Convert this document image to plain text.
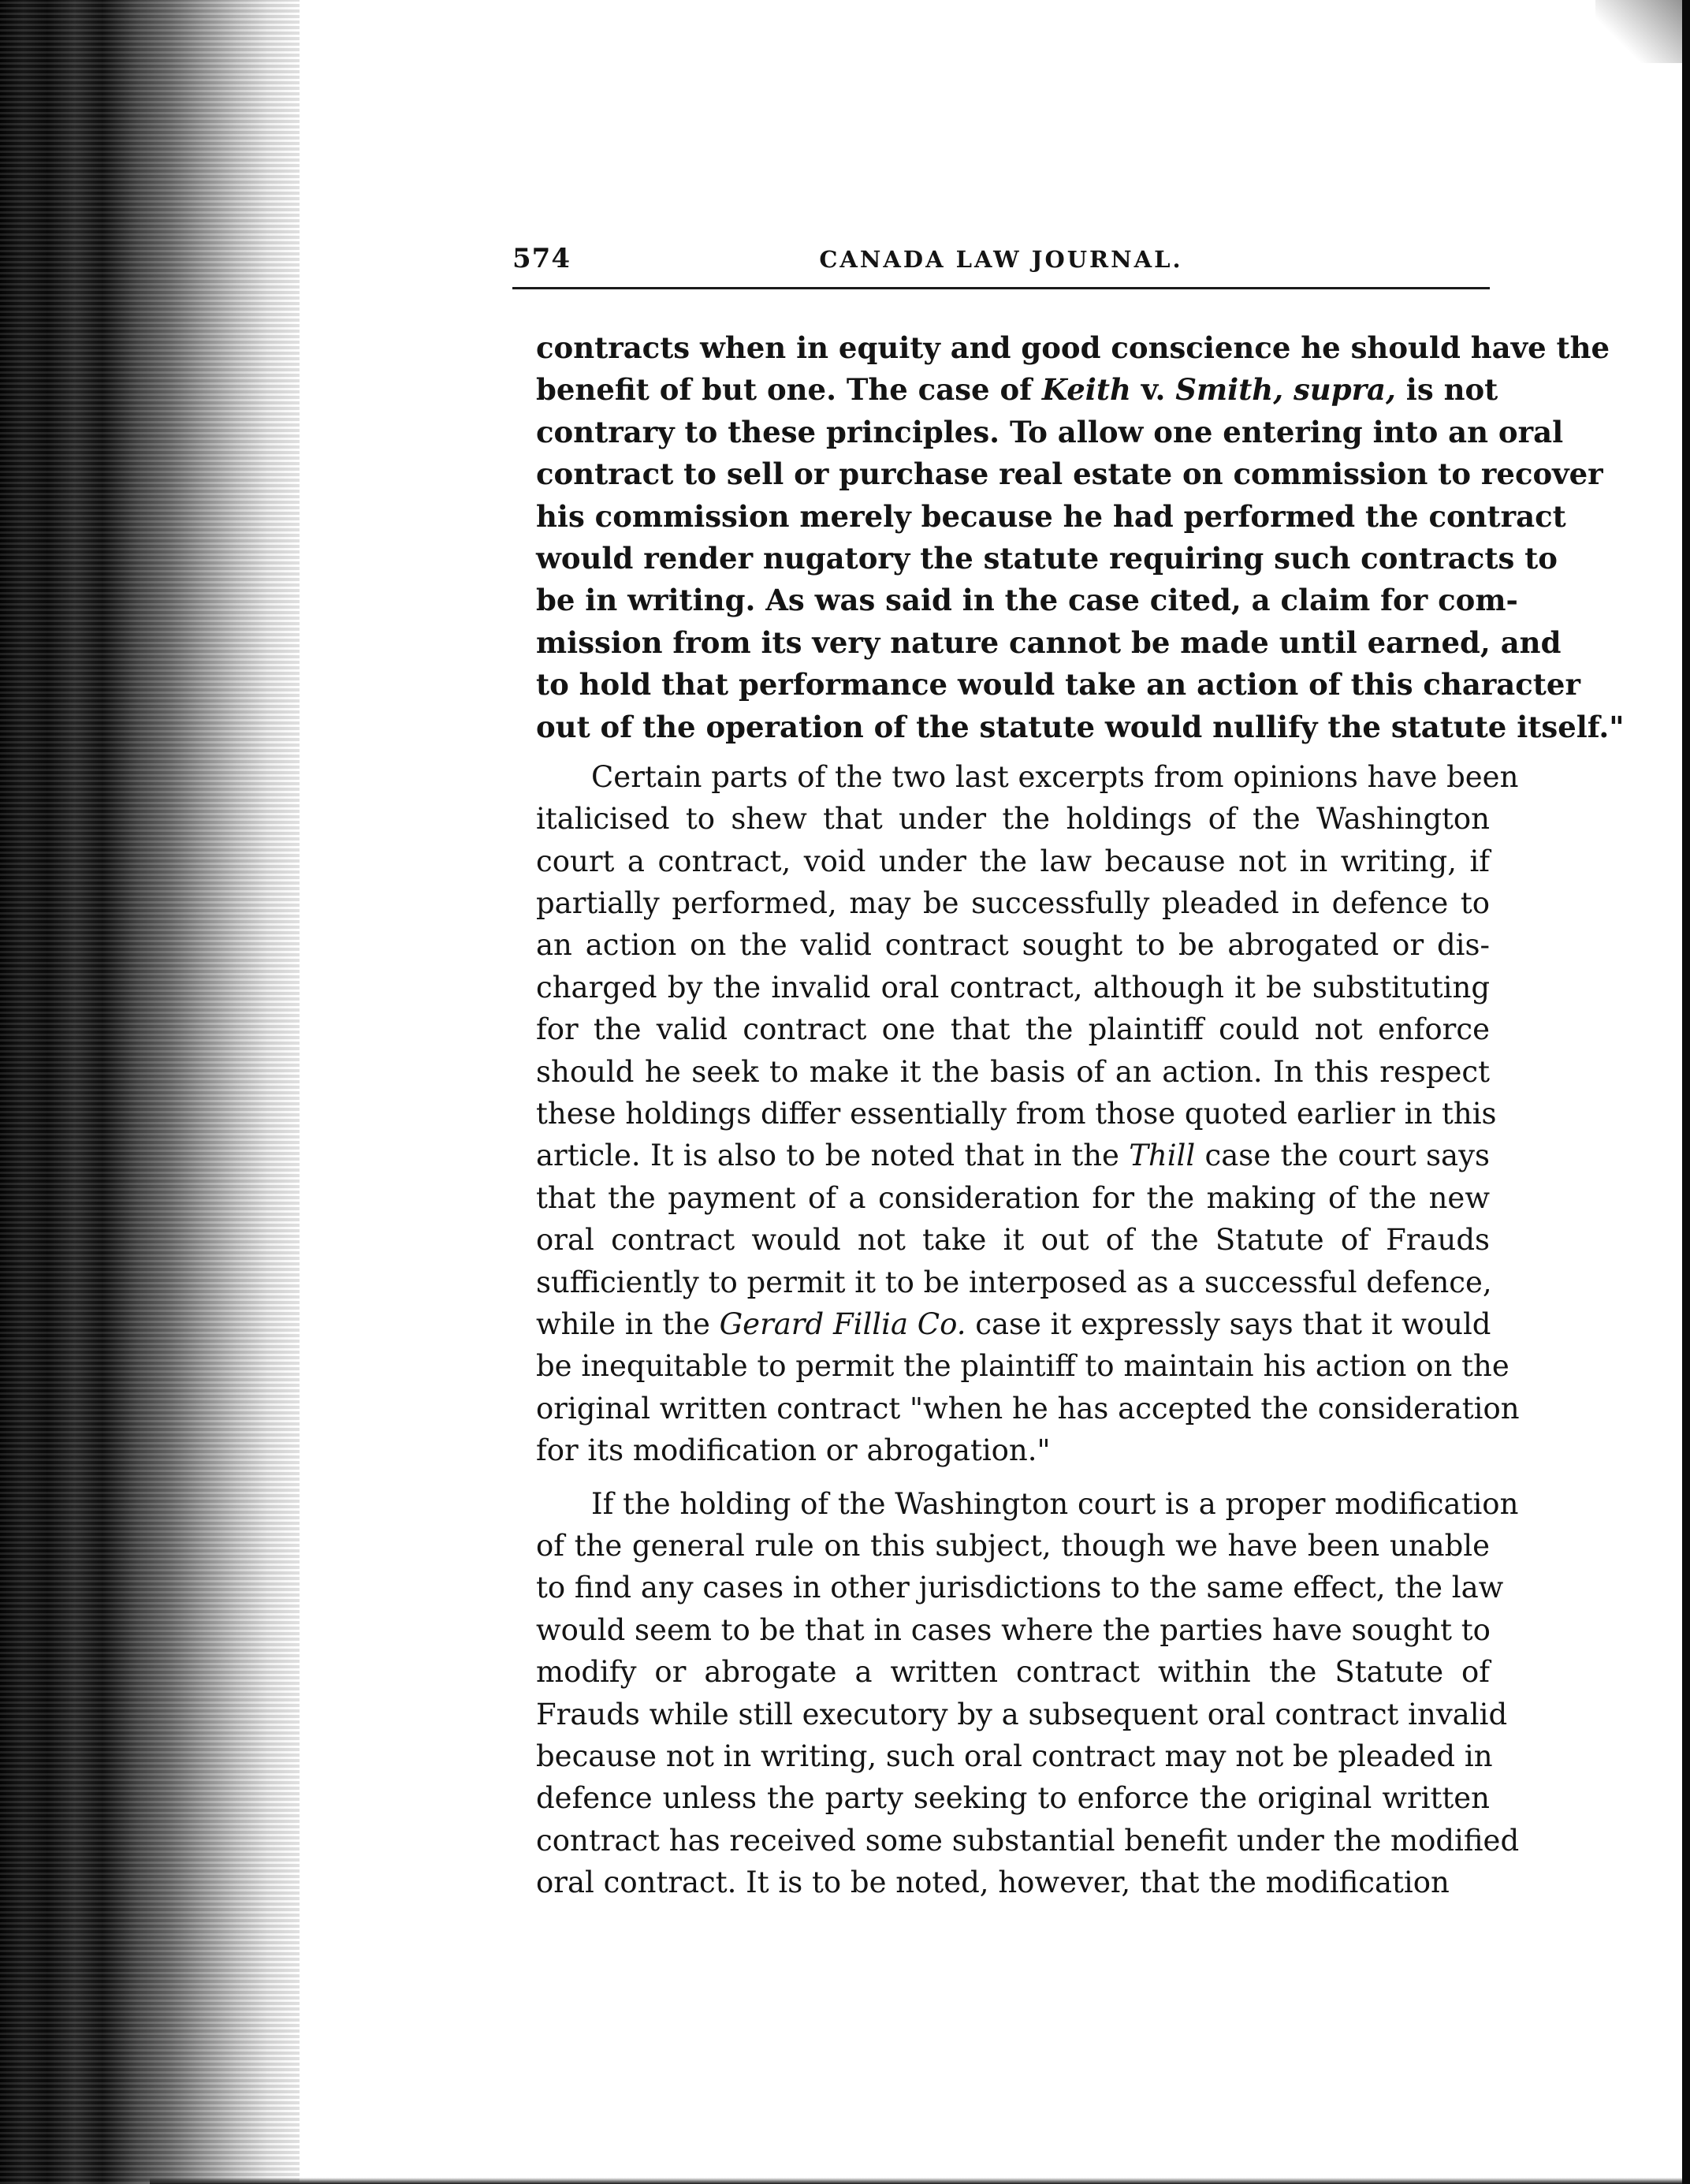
574	CANADA LAW JOURNAL.
contracts when in equity and good conscience he should have the
benefit of but one. The case of Keith v. Smith, supra, is not
contrary to these principles. To allow one entering into an oral
contract to sell or purchase real estate on commission to recover
his commission merely because he had performed the contract
would render nugatory the statute requiring such contracts to
be in writing. As was said in the case cited, a claim for com-
mission from its very nature cannot be made until earned, and
to hold that performance would take an action of this character
out of the operation of the statute would nullify the statute itself."
Certain parts of the two last excerpts from opinions have been
italicised to shew that under the holdings of the Washington
court a contract, void under the law because not in writing, if
partially performed, may be successfully pleaded in defence to
an action on the valid contract sought to be abrogated or dis-
charged by the invalid oral contract, although it be substituting
for the valid contract one that the plaintiff could not enforce
should he seek to make it the basis of an action. In this respect
these holdings differ essentially from those quoted earlier in this
article. It is also to be noted that in the Thill case the court says
that the payment of a consideration for the making of the new
oral contract would not take it out of the Statute of Frauds
sufficiently to permit it to be interposed as a successful defence,
while in the Gerard Fillia Co. case it expressly says that it would
be inequitable to permit the plaintiff to maintain his action on the
original written contract "when he has accepted the consideration
for its modification or abrogation."
If the holding of the Washington court is a proper modification
of the general rule on this subject, though we have been unable
to find any cases in other jurisdictions to the same effect, the law
would seem to be that in cases where the parties have sought to
modify or abrogate a written contract within the Statute of
Frauds while still executory by a subsequent oral contract invalid
because not in writing, such oral contract may not be pleaded in
defence unless the party seeking to enforce the original written
contract has received some substantial benefit under the modified
oral contract. It is to be noted, however, that the modification
